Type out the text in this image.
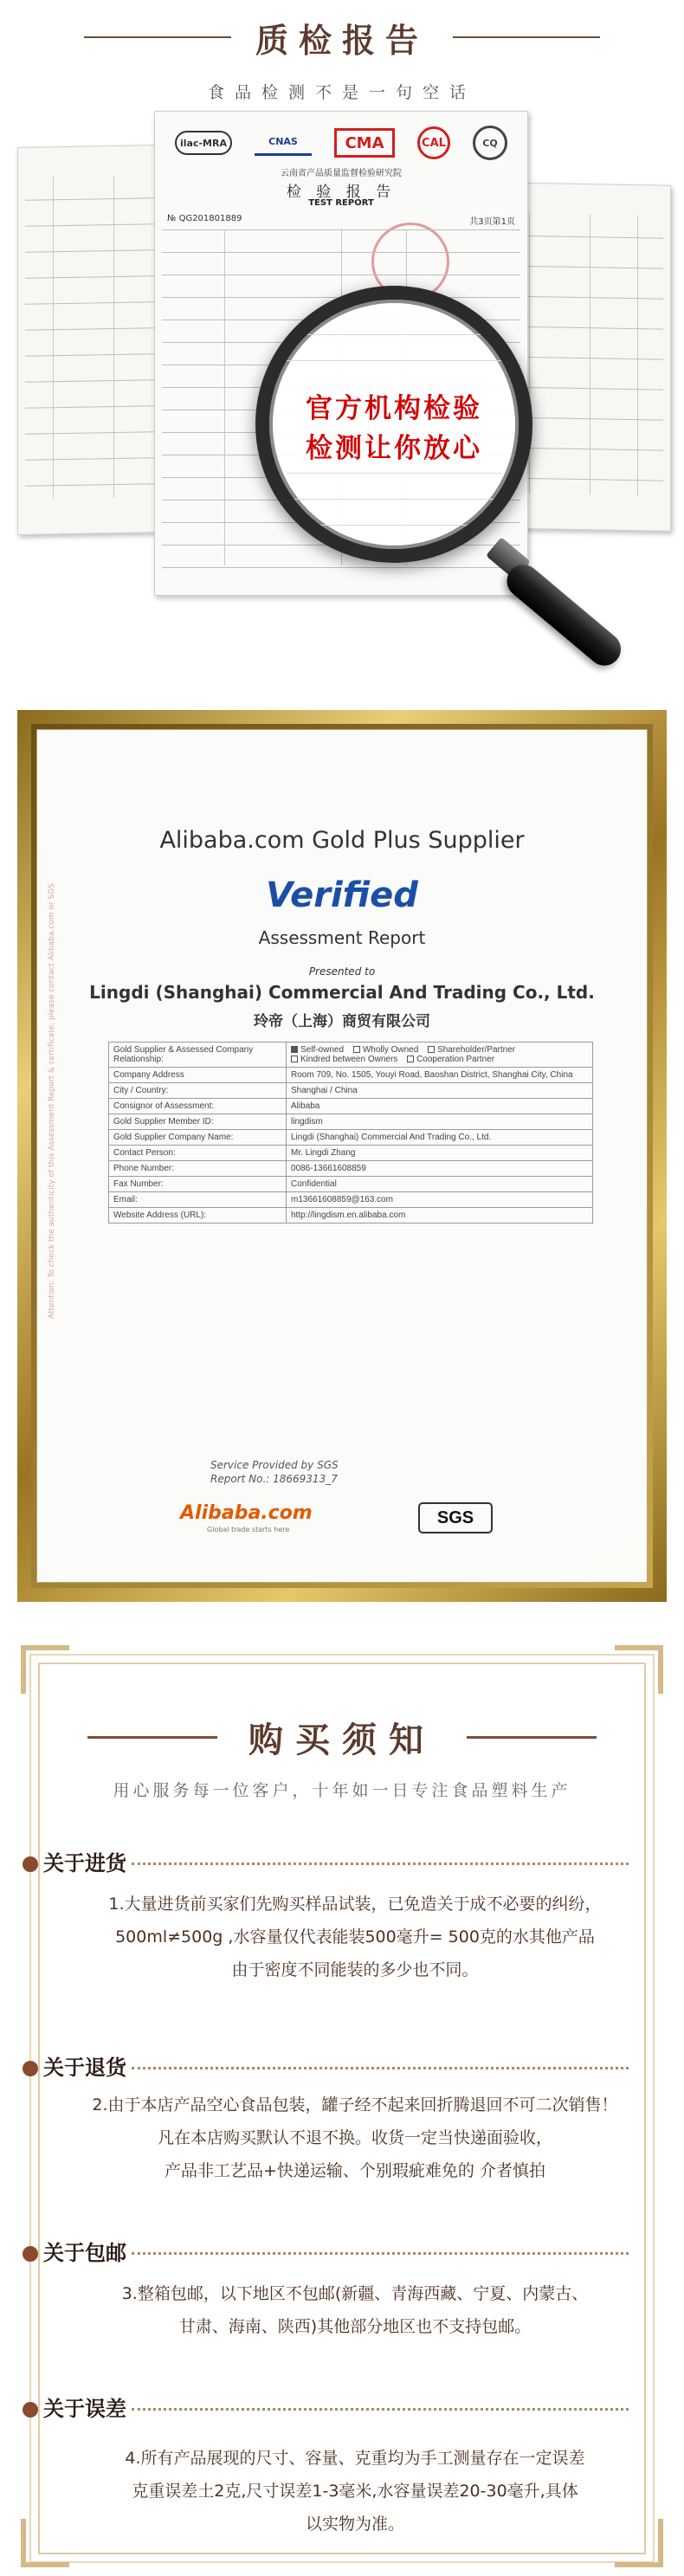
质检报告
食品检测不是一句空话
ilac-MRA	CNAS	CMA	CAL	CQ
云南省产品质量监督检验研究院
检 验 报 告
TEST REPORT
№ QG201801889	共3页第1页
官方机构检验
检测让你放心
Attention: To check the authenticity of this Assessment Report & certificate, please contact Alibaba.com or SGS
Alibaba.com Gold Plus Supplier
Verified
Assessment Report
Presented to
Lingdi (Shanghai) Commercial And Trading Co., Ltd.
玲帝（上海）商贸有限公司
Gold Supplier & Assessed Company Relationship:	Self-owned Wholly Owned Shareholder/Partner
Kindred between Owners Cooperation Partner
Company Address	Room 709, No. 1505, Youyi Road, Baoshan District, Shanghai City, China
City / Country:	Shanghai / China
Consignor of Assessment:	Alibaba
Gold Supplier Member ID:	lingdism
Gold Supplier Company Name:	Lingdi (Shanghai) Commercial And Trading Co., Ltd.
Contact Person:	Mr. Lingdi Zhang
Phone Number:	0086-13661608859
Fax Number:	Confidential
Email:	m13661608859@163.com
Website Address (URL):	http://lingdism.en.alibaba.com
Service Provided by SGS
Report No.: 18669313_7
Alibaba.com
Global trade starts here
SGS
购买须知
用心服务每一位客户，十年如一日专注食品塑料生产
关于进货
1.大量进货前买家们先购买样品试装，已免造关于成不必要的纠纷，
500ml≠500g ,水容量仅代表能装500毫升= 500克的水其他产品
由于密度不同能装的多少也不同。
关于退货
2.由于本店产品空心食品包装，罐子经不起来回折腾退回不可二次销售！
凡在本店购买默认不退不换。收货一定当快递面验收，
产品非工艺品+快递运输、个别瑕疵难免的 介者慎拍
关于包邮
3.整箱包邮，以下地区不包邮(新疆、青海西藏、宁夏、内蒙古、
甘肃、海南、陕西)其他部分地区也不支持包邮。
关于误差
4.所有产品展现的尺寸、容量、克重均为手工测量存在一定误差
克重误差土2克,尺寸误差1-3毫米,水容量误差20-30毫升,具体
以实物为准。
